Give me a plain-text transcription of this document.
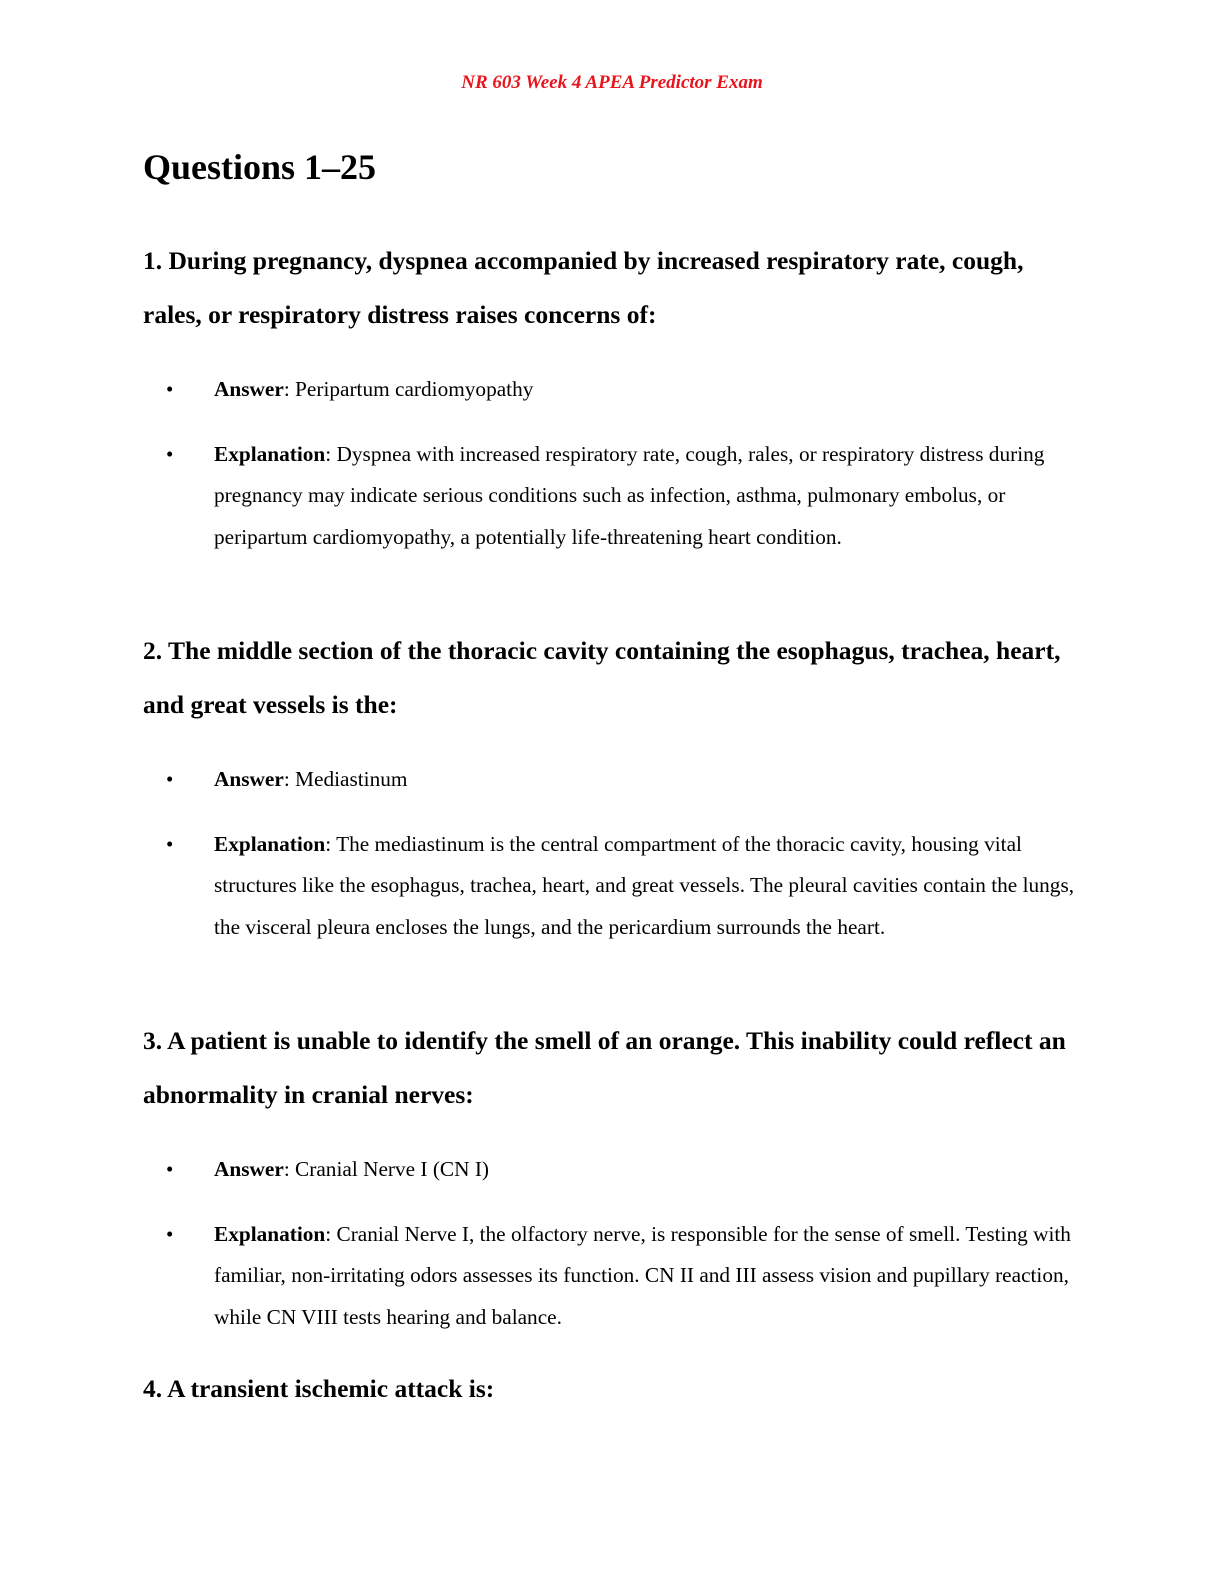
NR 603 Week 4 APEA Predictor Exam

Questions 1–25
1. During pregnancy, dyspnea accompanied by increased respiratory rate, cough, rales, or respiratory distress raises concerns of:
• Answer: Peripartum cardiomyopathy
• Explanation: Dyspnea with increased respiratory rate, cough, rales, or respiratory distress during pregnancy may indicate serious conditions such as infection, asthma, pulmonary embolus, or peripartum cardiomyopathy, a potentially life-threatening heart condition.
2. The middle section of the thoracic cavity containing the esophagus, trachea, heart, and great vessels is the:
• Answer: Mediastinum
• Explanation: The mediastinum is the central compartment of the thoracic cavity, housing vital structures like the esophagus, trachea, heart, and great vessels. The pleural cavities contain the lungs, the visceral pleura encloses the lungs, and the pericardium surrounds the heart.
3. A patient is unable to identify the smell of an orange. This inability could reflect an abnormality in cranial nerves:
• Answer: Cranial Nerve I (CN I)
• Explanation: Cranial Nerve I, the olfactory nerve, is responsible for the sense of smell. Testing with familiar, non-irritating odors assesses its function. CN II and III assess vision and pupillary reaction, while CN VIII tests hearing and balance.
4. A transient ischemic attack is:
